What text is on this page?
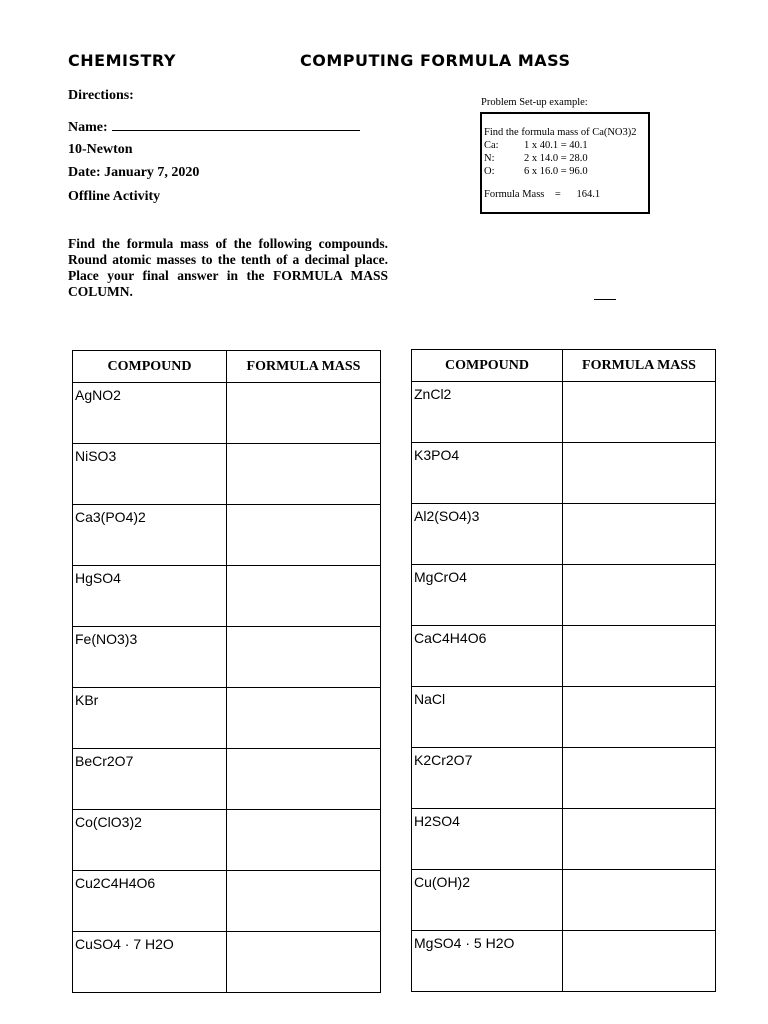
CHEMISTRY	COMPUTING FORMULA MASS
Directions:
Name:
10-Newton
Date: January 7, 2020
Offline Activity
Find the formula mass of the following compounds. Round atomic masses to the tenth of a decimal place. Place your final answer in the FORMULA MASS COLUMN.
Problem Set-up example:
Find the formula mass of Ca(NO3)2
Ca:	1 x 40.1 = 40.1
N:	2 x 14.0 = 28.0
O:	6 x 16.0 = 96.0
Formula Mass    =      164.1
COMPOUND	FORMULA MASS

AgNO2	

NiSO3	

Ca3(PO4)2	

HgSO4	

Fe(NO3)3	

KBr	

BeCr2O7	

Co(ClO3)2	

Cu2C4H4O6	

CuSO4 · 7 H2O	

COMPOUND	FORMULA MASS

ZnCl2	

K3PO4	

Al2(SO4)3	

MgCrO4	

CaC4H4O6	

NaCl	

K2Cr2O7	

H2SO4	

Cu(OH)2	

MgSO4 · 5 H2O	
